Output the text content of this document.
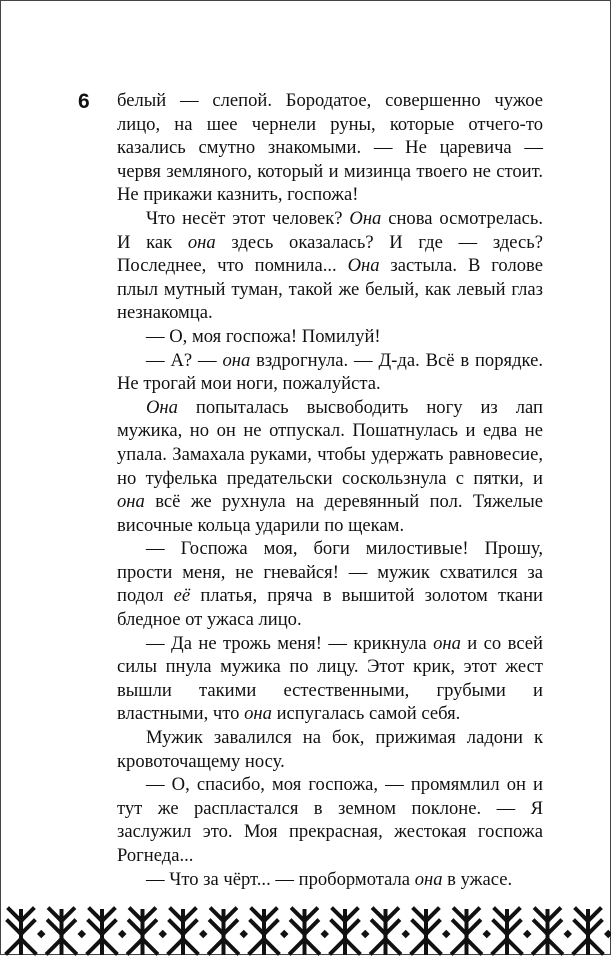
6 белый — слепой. Бородатое, совершенно чужое лицо, на шее чернели руны, которые отчего-то казались смутно знакомыми. — Не царевича — червя земляного, который и мизинца твоего не стоит. Не прикажи казнить, госпожа!

Что несёт этот человек? Она снова осмотрелась. И как она здесь оказалась? И где — здесь? Последнее, что помнила... Она застыла. В голове плыл мутный туман, такой же белый, как левый глаз незнакомца.

— О, моя госпожа! Помилуй!

— А? — она вздрогнула. — Д-да. Всё в порядке. Не трогай мои ноги, пожалуйста.

Она попыталась высвободить ногу из лап мужика, но он не отпускал. Пошатнулась и едва не упала. Замахала руками, чтобы удержать равновесие, но туфелька предательски соскользнула с пятки, и она всё же рухнула на деревянный пол. Тяжелые височные кольца ударили по щекам.

— Госпожа моя, боги милостивые! Прошу, прости меня, не гневайся! — мужик схватился за подол её платья, пряча в вышитой золотом ткани бледное от ужаса лицо.

— Да не трожь меня! — крикнула она и со всей силы пнула мужика по лицу. Этот крик, этот жест вышли такими естественными, грубыми и властными, что она испугалась самой себя.

Мужик завалился на бок, прижимая ладони к кровоточащему носу.

— О, спасибо, моя госпожа, — промямлил он и тут же распластался в земном поклоне. — Я заслужил это. Моя прекрасная, жестокая госпожа Рогнеда...

— Что за чёрт... — пробормотала она в ужасе.
